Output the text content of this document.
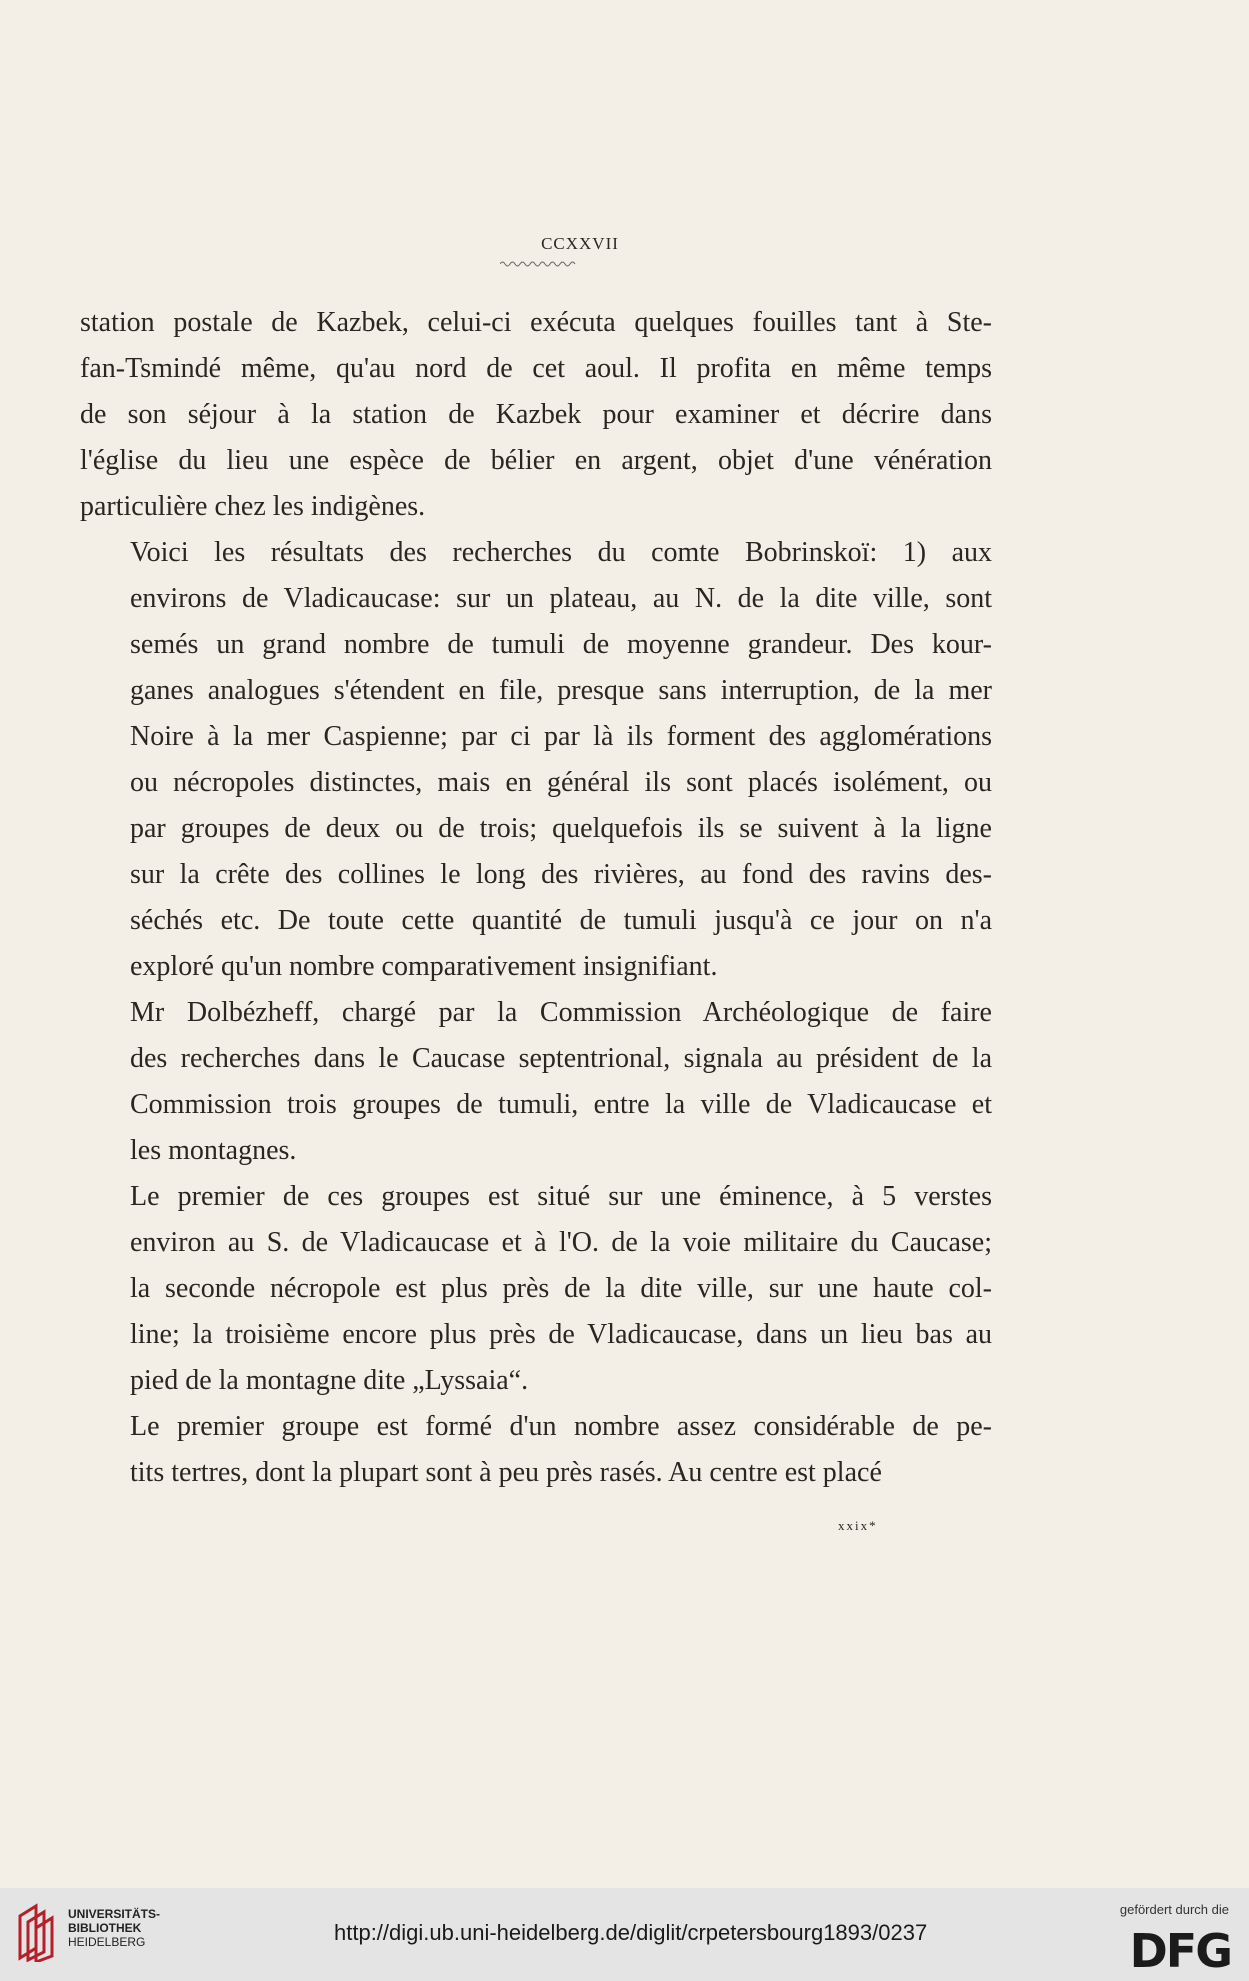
CCXXVII

station postale de Kazbek, celui-ci exécuta quelques fouilles tant à Ste-
fan-Tsmindé même, qu'au nord de cet aoul. Il profita en même temps
de son séjour à la station de Kazbek pour examiner et décrire dans
l'église du lieu une espèce de bélier en argent, objet d'une vénération
particulière chez les indigènes.

Voici les résultats des recherches du comte Bobrinskoï: 1) aux
environs de Vladicaucase: sur un plateau, au N. de la dite ville, sont
semés un grand nombre de tumuli de moyenne grandeur. Des kour-
ganes analogues s'étendent en file, presque sans interruption, de la mer
Noire à la mer Caspienne; par ci par là ils forment des agglomérations
ou nécropoles distinctes, mais en général ils sont placés isolément, ou
par groupes de deux ou de trois; quelquefois ils se suivent à la ligne
sur la crête des collines le long des rivières, au fond des ravins des-
séchés etc. De toute cette quantité de tumuli jusqu'à ce jour on n'a
exploré qu'un nombre comparativement insignifiant.

Mr Dolbézheff, chargé par la Commission Archéologique de faire
des recherches dans le Caucase septentrional, signala au président de la
Commission trois groupes de tumuli, entre la ville de Vladicaucase et
les montagnes.

Le premier de ces groupes est situé sur une éminence, à 5 verstes
environ au S. de Vladicaucase et à l'O. de la voie militaire du Caucase;
la seconde nécropole est plus près de la dite ville, sur une haute col-
line; la troisième encore plus près de Vladicaucase, dans un lieu bas au
pied de la montagne dite „Lyssaia“.

Le premier groupe est formé d'un nombre assez considérable de pe-
tits tertres, dont la plupart sont à peu près rasés. Au centre est placé

xxix*
UNIVERSITÄTS-
BIBLIOTHEK
HEIDELBERG	http://digi.ub.uni-heidelberg.de/diglit/crpetersbourg1893/0237
gefördert durch die
DFG
